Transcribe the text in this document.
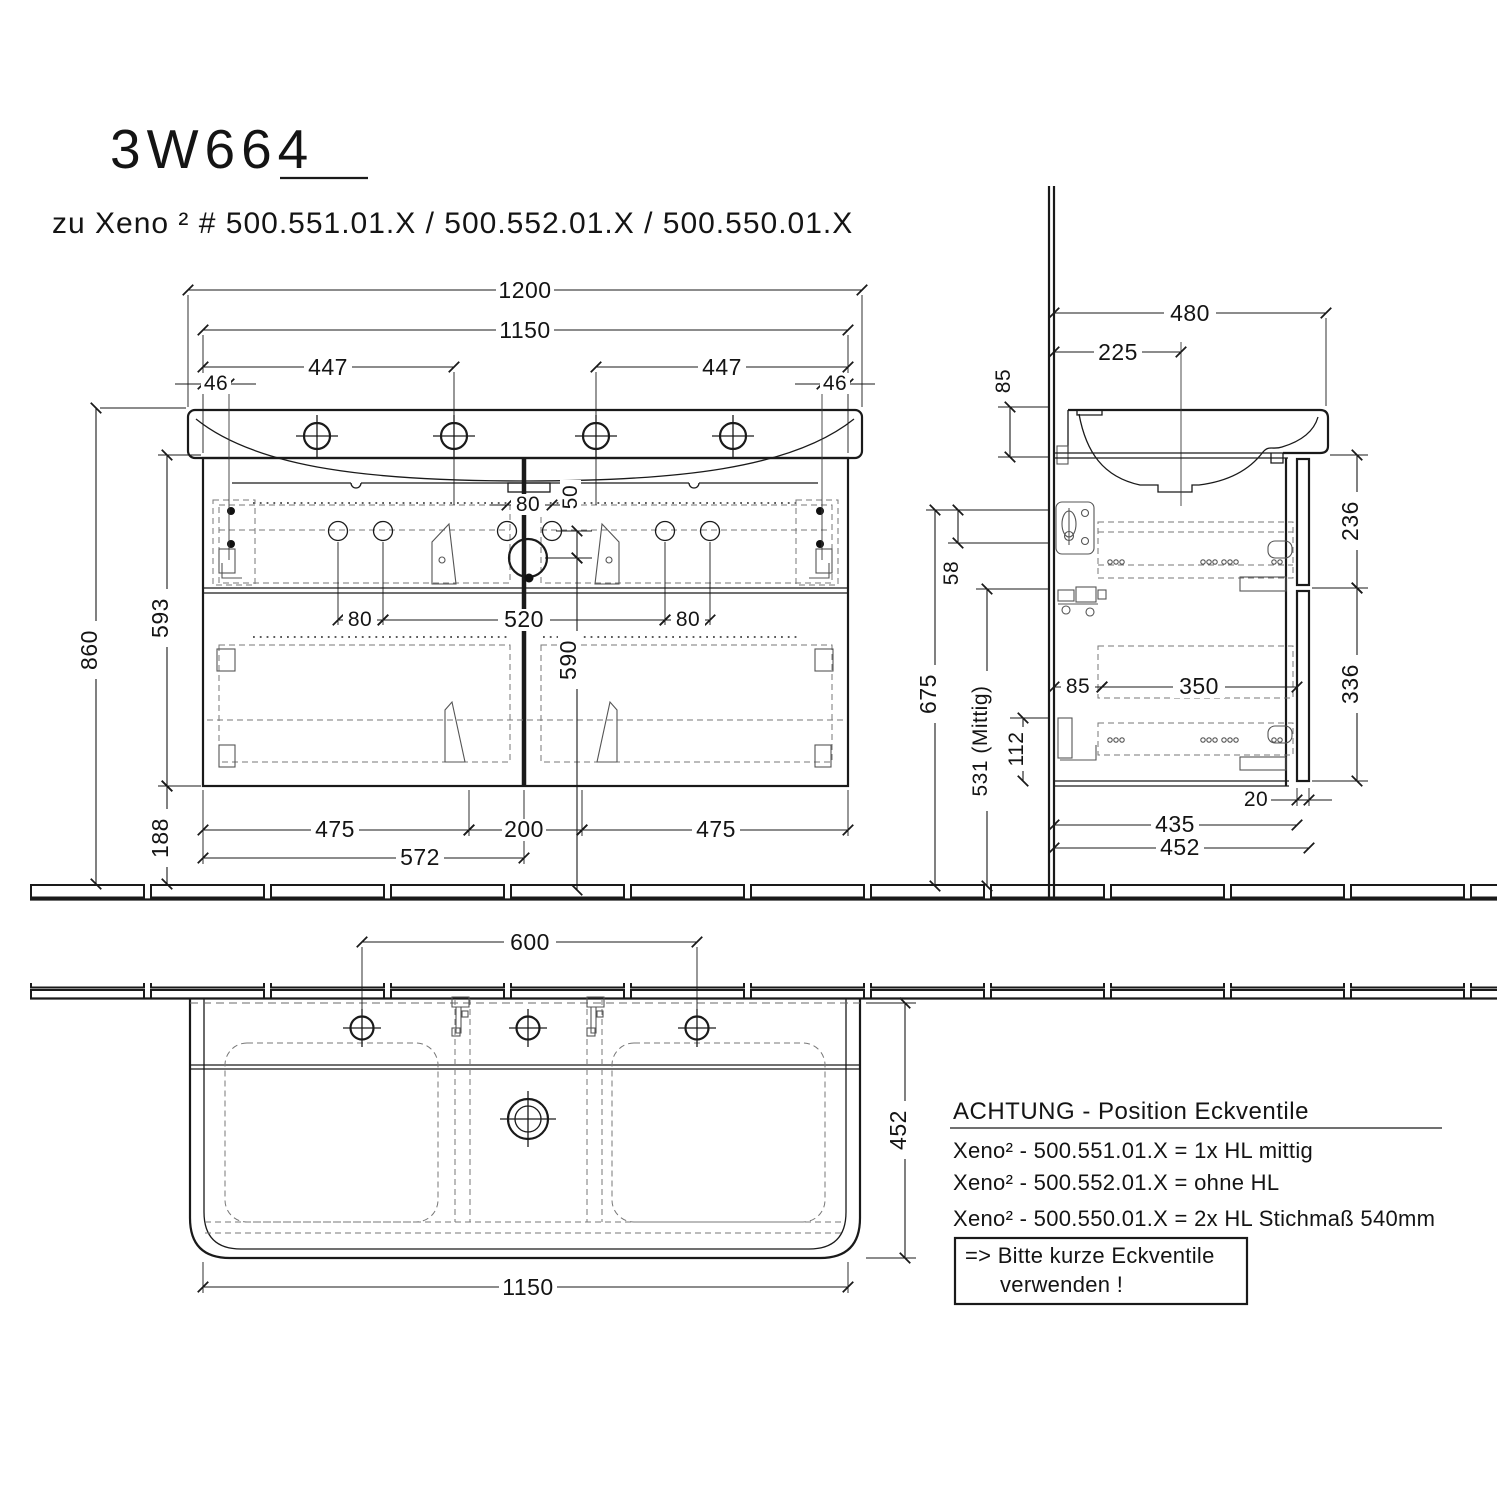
3W664
zu Xeno ² # 500.551.01.X / 500.552.01.X / 500.550.01.X
1200
1150
447	447
46	46
860
593
188
80 50
590
80	520	80
475	200	475
572
480
225
85
58
675 531 (Mittig) 112
85	350
236
336
20
435
452
600
452
1150
ACHTUNG - Position Eckventile
Xeno² - 500.551.01.X = 1x HL mittig
Xeno² - 500.552.01.X = ohne HL
Xeno² - 500.550.01.X = 2x HL Stichmaß 540mm
=> Bitte kurze Eckventile
verwenden !
